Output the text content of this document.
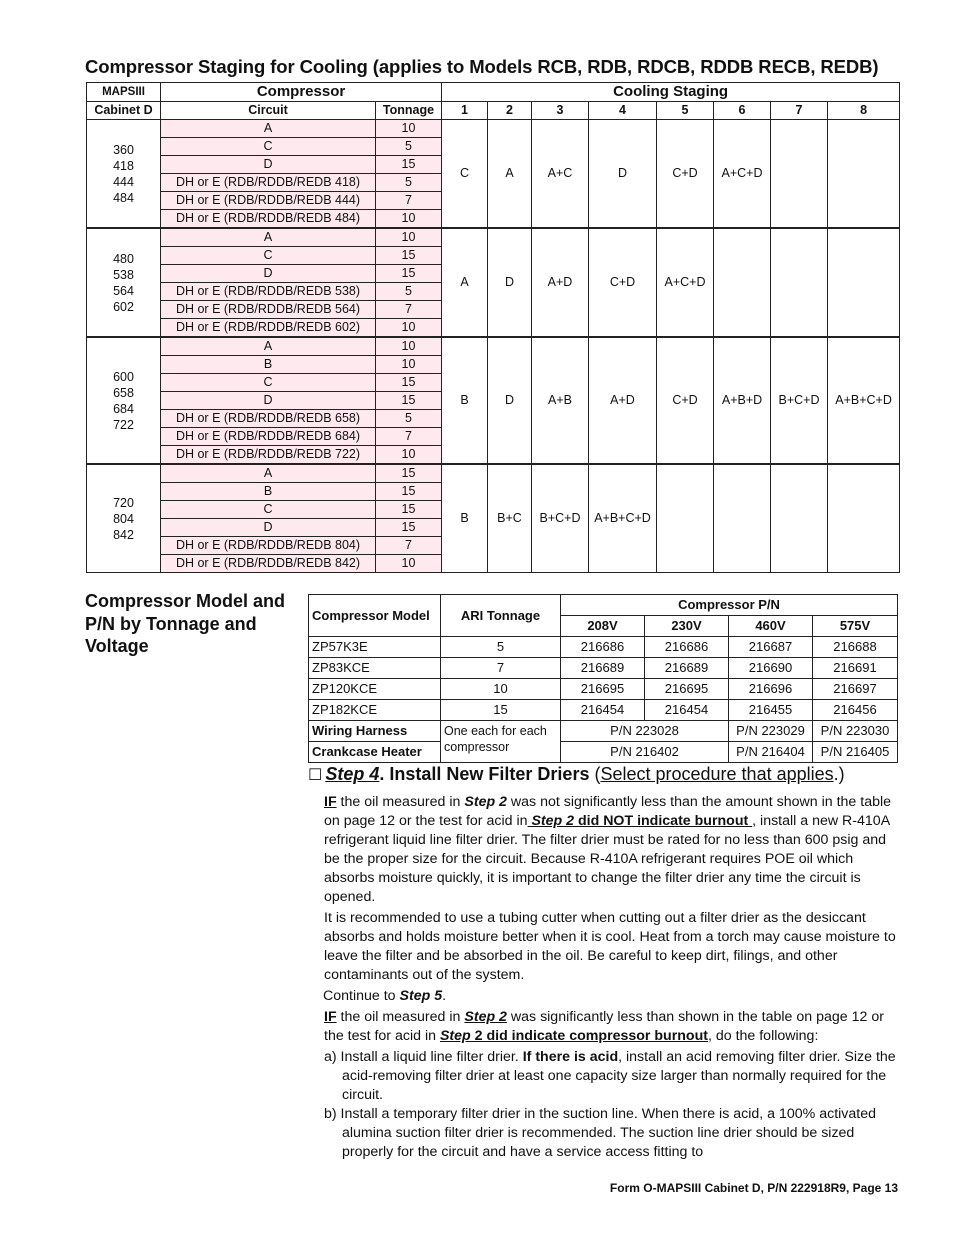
Compressor Staging for Cooling (applies to Models RCB, RDB, RDCB, RDDB RECB, REDB)
MAPSIII	Compressor		Cooling Staging							
Cabinet D	Circuit	Tonnage	1	2	3	4	5	6	7	8

360
418
444
484	A	10	C	A	A+C	D	C+D	A+C+D		
	C	5								
	D	15								
	DH or E (RDB/RDDB/REDB 418)	5								
	DH or E (RDB/RDDB/REDB 444)	7								
	DH or E (RDB/RDDB/REDB 484)	10								

480
538
564
602	A	10	A	D	A+D	C+D	A+C+D			
	C	15								
	D	15								
	DH or E (RDB/RDDB/REDB 538)	5								
	DH or E (RDB/RDDB/REDB 564)	7								
	DH or E (RDB/RDDB/REDB 602)	10								

600
658
684
722	A	10	B	D	A+B	A+D	C+D	A+B+D	B+C+D	A+B+C+D
	B	10								
	C	15								
	D	15								
	DH or E (RDB/RDDB/REDB 658)	5								
	DH or E (RDB/RDDB/REDB 684)	7								
	DH or E (RDB/RDDB/REDB 722)	10								

720
804
842	A	15	B	B+C	B+C+D	A+B+C+D				
	B	15								
	C	15								
	D	15								
	DH or E (RDB/RDDB/REDB 804)	7								
	DH or E (RDB/RDDB/REDB 842)	10								
Compressor Model and P/N by Tonnage and Voltage
Compressor Model	ARI Tonnage	Compressor P/N			
		208V	230V	460V	575V
ZP57K3E	5	216686	216686	216687	216688
ZP83KCE	7	216689	216689	216690	216691
ZP120KCE	10	216695	216695	216696	216697
ZP182KCE	15	216454	216454	216455	216456
Wiring Harness	One each for each compressor	P/N 223028		P/N 223029	P/N 223030
Crankcase Heater		P/N 216402		P/N 216404	P/N 216405
☐ Step 4. Install New Filter Driers (Select procedure that applies.)

IF the oil measured in Step 2 was not significantly less than the amount shown in the table on page 12 or the test for acid in Step 2 did NOT indicate burnout , install a new R-410A refrigerant liquid line filter drier. The filter drier must be rated for no less than 600 psig and be the proper size for the circuit. Because R-410A refrigerant requires POE oil which absorbs moisture quickly, it is important to change the filter drier any time the circuit is opened.

It is recommended to use a tubing cutter when cutting out a filter drier as the desiccant absorbs and holds moisture better when it is cool. Heat from a torch may cause moisture to leave the filter and be absorbed in the oil. Be careful to keep dirt, filings, and other contaminants out of the system.

Continue to Step 5.

IF the oil measured in Step 2 was significantly less than shown in the table on page 12 or the test for acid in Step 2 did indicate compressor burnout, do the following:

a) Install a liquid line filter drier. If there is acid, install an acid removing filter drier. Size the acid-removing filter drier at least one capacity size larger than normally required for the circuit.

b) Install a temporary filter drier in the suction line. When there is acid, a 100% activated alumina suction filter drier is recommended. The suction line drier should be sized properly for the circuit and have a service access fitting to

Form O-MAPSIII Cabinet D, P/N 222918R9, Page 13
